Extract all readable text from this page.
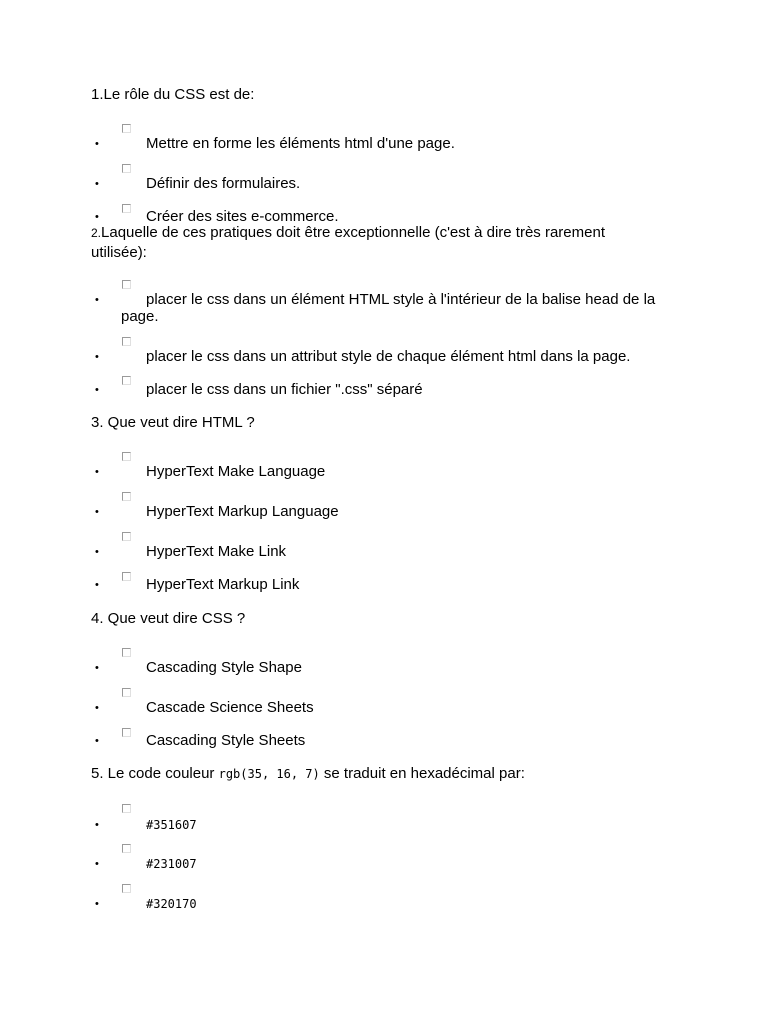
1.Le rôle du CSS est de:
•	Mettre en forme les éléments html d'une page.
•	Définir des formulaires.
•	Créer des sites e-commerce.
2.Laquelle de ces pratiques doit être exceptionnelle (c'est à dire très rarement
utilisée):
•	placer le css dans un élément HTML style à l'intérieur de la balise head de la
page.
•	placer le css dans un attribut style de chaque élément html dans la page.
•	placer le css dans un fichier ".css" séparé
3. Que veut dire HTML ?
•	HyperText Make Language
•	HyperText Markup Language
•	HyperText Make Link
•	HyperText Markup Link
4. Que veut dire CSS ?
•	Cascading Style Shape
•	Cascade Science Sheets
•	Cascading Style Sheets
5. Le code couleur rgb(35, 16, 7) se traduit en hexadécimal par:
•	#351607
•	#231007
•	#320170
